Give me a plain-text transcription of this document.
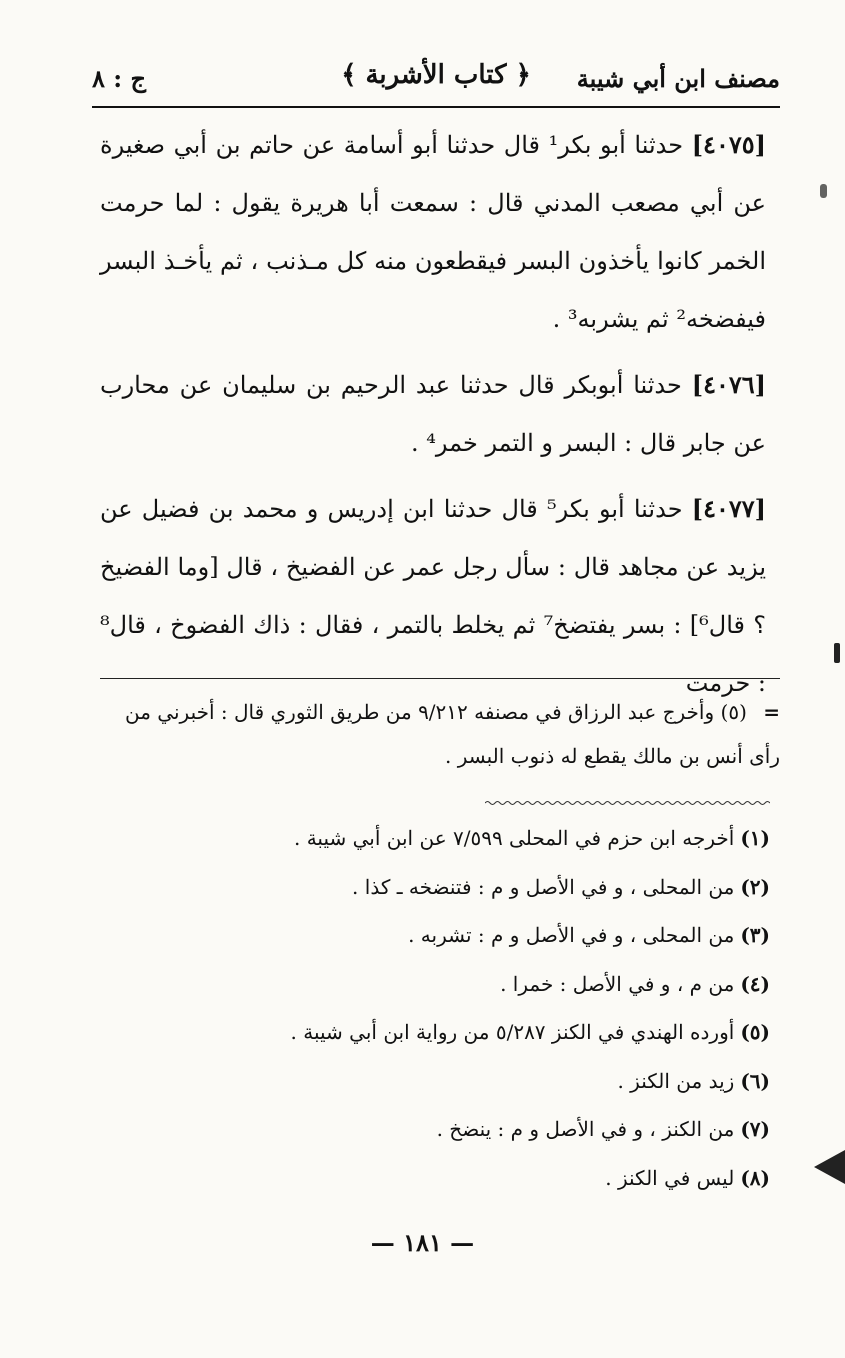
مصنف ابن أبي شيبة
﴿ كتاب الأشربة ﴾
ج : ٨

[٤٠٧٥] حدثنا أبو بكر¹ قال حدثنا أبو أسامة عن حاتم بن أبي صغيرة عن أبي مصعب المدني قال : سمعت أبا هريرة يقول : لما حرمت الخمر كانوا يأخذون البسر فيقطعون منه كل مـذنب ، ثم يأخـذ البسر فيفضخه² ثم يشربه³ .

[٤٠٧٦] حدثنا أبوبكر قال حدثنا عبد الرحيم بن سليمان عن محارب عن جابر قال : البسر و التمر خمر⁴ .

[٤٠٧٧] حدثنا أبو بكر⁵ قال حدثنا ابن إدريس و محمد بن فضيل عن يزيد عن مجاهد قال : سأل رجل عمر عن الفضيخ ، قال [وما الفضيخ ؟ قال⁶] : بسر يفتضخ⁷ ثم يخلط بالتمر ، فقال : ذاك الفضوخ ، قال⁸ : حرمت

= (٥) وأخرج عبد الرزاق في مصنفه ٩/٢١٢ من طريق الثوري قال : أخبرني من رأى أنس بن مالك يقطع له ذنوب البسر .
(١)أخرجه ابن حزم في المحلى ٧/٥٩٩ عن ابن أبي شيبة .
(٢)من المحلى ، و في الأصل و م : فتنضخه ـ كذا .
(٣)من المحلى ، و في الأصل و م : تشربه .
(٤)من م ، و في الأصل : خمرا .
(٥)أورده الهندي في الكنز ٥/٢٨٧ من رواية ابن أبي شيبة .
(٦)زيد من الكنز .
(٧)من الكنز ، و في الأصل و م : ينضخ .
(٨)ليس في الكنز .
— ١٨١ —
